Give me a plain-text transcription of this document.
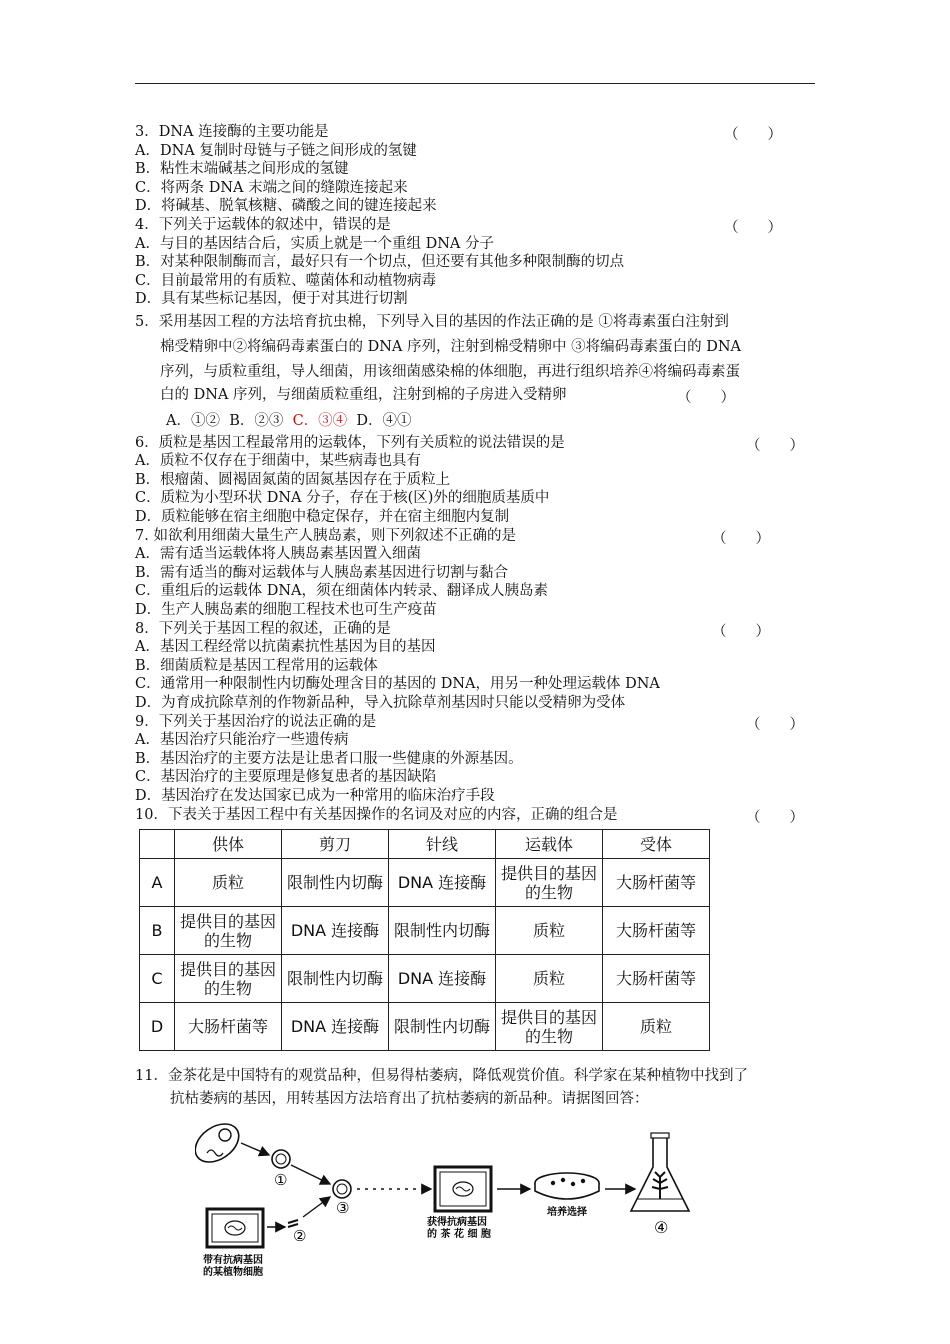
3．DNA 连接酶的主要功能是	（　　）
A．DNA 复制时母链与子链之间形成的氢键
B．粘性末端碱基之间形成的氢键
C．将两条 DNA 末端之间的缝隙连接起来
D．将碱基、脱氧核糖、磷酸之间的键连接起来
4．下列关于运载体的叙述中，错误的是	（　　）
A．与目的基因结合后，实质上就是一个重组 DNA 分子
B．对某种限制酶而言，最好只有一个切点，但还要有其他多种限制酶的切点
C．目前最常用的有质粒、噬菌体和动植物病毒
D．具有某些标记基因，便于对其进行切割
5．采用基因工程的方法培育抗虫棉，下列导入目的基因的作法正确的是 ①将毒素蛋白注射到
棉受精卵中②将编码毒素蛋白的 DNA 序列，注射到棉受精卵中 ③将编码毒素蛋白的 DNA
序列，与质粒重组，导人细菌，用该细菌感染棉的体细胞，再进行组织培养④将编码毒素蛋
白的 DNA 序列，与细菌质粒重组，注射到棉的子房进入受精卵	（　　）
A．①② B．②③ C．③④ D．④①
6．质粒是基因工程最常用的运载体，下列有关质粒的说法错误的是	（　　）
A．质粒不仅存在于细菌中，某些病毒也具有
B．根瘤菌、圆褐固氮菌的固氮基因存在于质粒上
C．质粒为小型环状 DNA 分子，存在于核(区)外的细胞质基质中
D．质粒能够在宿主细胞中稳定保存，并在宿主细胞内复制
7. 如欲利用细菌大量生产人胰岛素，则下列叙述不正确的是	（　　）
A．需有适当运载体将人胰岛素基因置入细菌
B．需有适当的酶对运载体与人胰岛素基因进行切割与黏合
C．重组后的运载体 DNA，须在细菌体内转录、翻译成人胰岛素
D．生产人胰岛素的细胞工程技术也可生产疫苗
8．下列关于基因工程的叙述，正确的是	（　　）
A．基因工程经常以抗菌素抗性基因为目的基因
B．细菌质粒是基因工程常用的运载体
C．通常用一种限制性内切酶处理含目的基因的 DNA，用另一种处理运载体 DNA
D．为育成抗除草剂的作物新品种，导入抗除草剂基因时只能以受精卵为受体
9．下列关于基因治疗的说法正确的是	（　　）
A．基因治疗只能治疗一些遗传病
B．基因治疗的主要方法是让患者口服一些健康的外源基因。
C．基因治疗的主要原理是修复患者的基因缺陷
D．基因治疗在发达国家已成为一种常用的临床治疗手段
10．下表关于基因工程中有关基因操作的名词及对应的内容，正确的组合是	（　　）
	供体	剪刀	针线	运载体	受体
A	质粒	限制性内切酶	DNA 连接酶	提供目的基因的生物	大肠杆菌等
B	提供目的基因的生物	DNA 连接酶	限制性内切酶	质粒	大肠杆菌等
C	提供目的基因的生物	限制性内切酶	DNA 连接酶	质粒	大肠杆菌等
D	大肠杆菌等	DNA 连接酶	限制性内切酶	提供目的基因的生物	质粒
11．金茶花是中国特有的观赏品种，但易得枯萎病，降低观赏价值。科学家在某种植物中找到了
抗枯萎病的基因，用转基因方法培育出了抗枯萎病的新品种。请据图回答：
①
③
②
带有抗病基因
的某植物细胞
获得抗病基因
的 茶 花 细 胞
培养选择
④
